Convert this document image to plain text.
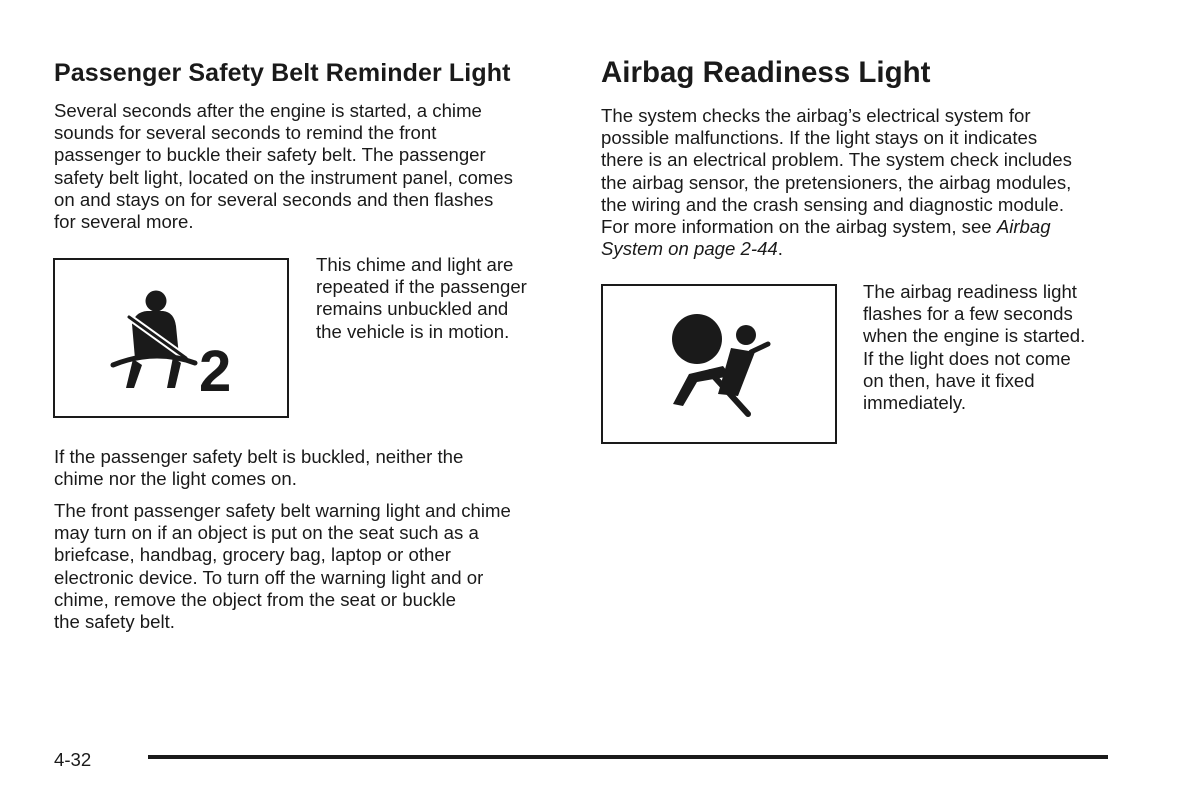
Passenger Safety Belt Reminder Light

Several seconds after the engine is started, a chime
sounds for several seconds to remind the front
passenger to buckle their safety belt. The passenger
safety belt light, located on the instrument panel, comes
on and stays on for several seconds and then flashes
for several more.

2

This chime and light are
repeated if the passenger
remains unbuckled and
the vehicle is in motion.

If the passenger safety belt is buckled, neither the
chime nor the light comes on.

The front passenger safety belt warning light and chime
may turn on if an object is put on the seat such as a
briefcase, handbag, grocery bag, laptop or other
electronic device. To turn off the warning light and or
chime, remove the object from the seat or buckle
the safety belt.

Airbag Readiness Light

The system checks the airbag’s electrical system for
possible malfunctions. If the light stays on it indicates
there is an electrical problem. The system check includes
the airbag sensor, the pretensioners, the airbag modules,
the wiring and the crash sensing and diagnostic module.
For more information on the airbag system, see Airbag
System on page 2-44.

The airbag readiness light
flashes for a few seconds
when the engine is started.
If the light does not come
on then, have it fixed
immediately.

4-32
